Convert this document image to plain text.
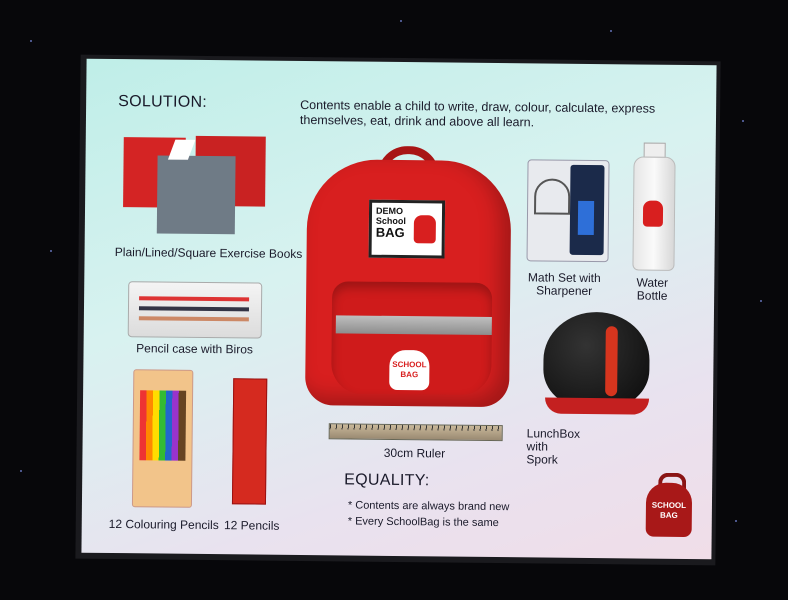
SOLUTION:	Contents enable a child to write, draw, colour, calculate, express
themselves, eat, drink and above all learn.
Plain/Lined/Square Exercise Books
Pencil case with Biros
12 Colouring Pencils 12 Pencils
DEMO
School
BAG
SCHOOL
BAG
30cm Ruler
EQUALITY:
* Contents are always brand new
* Every SchoolBag is the same
Math Set with
Sharpener
Water
Bottle
LunchBox
with
Spork
SCHOOL
BAG
